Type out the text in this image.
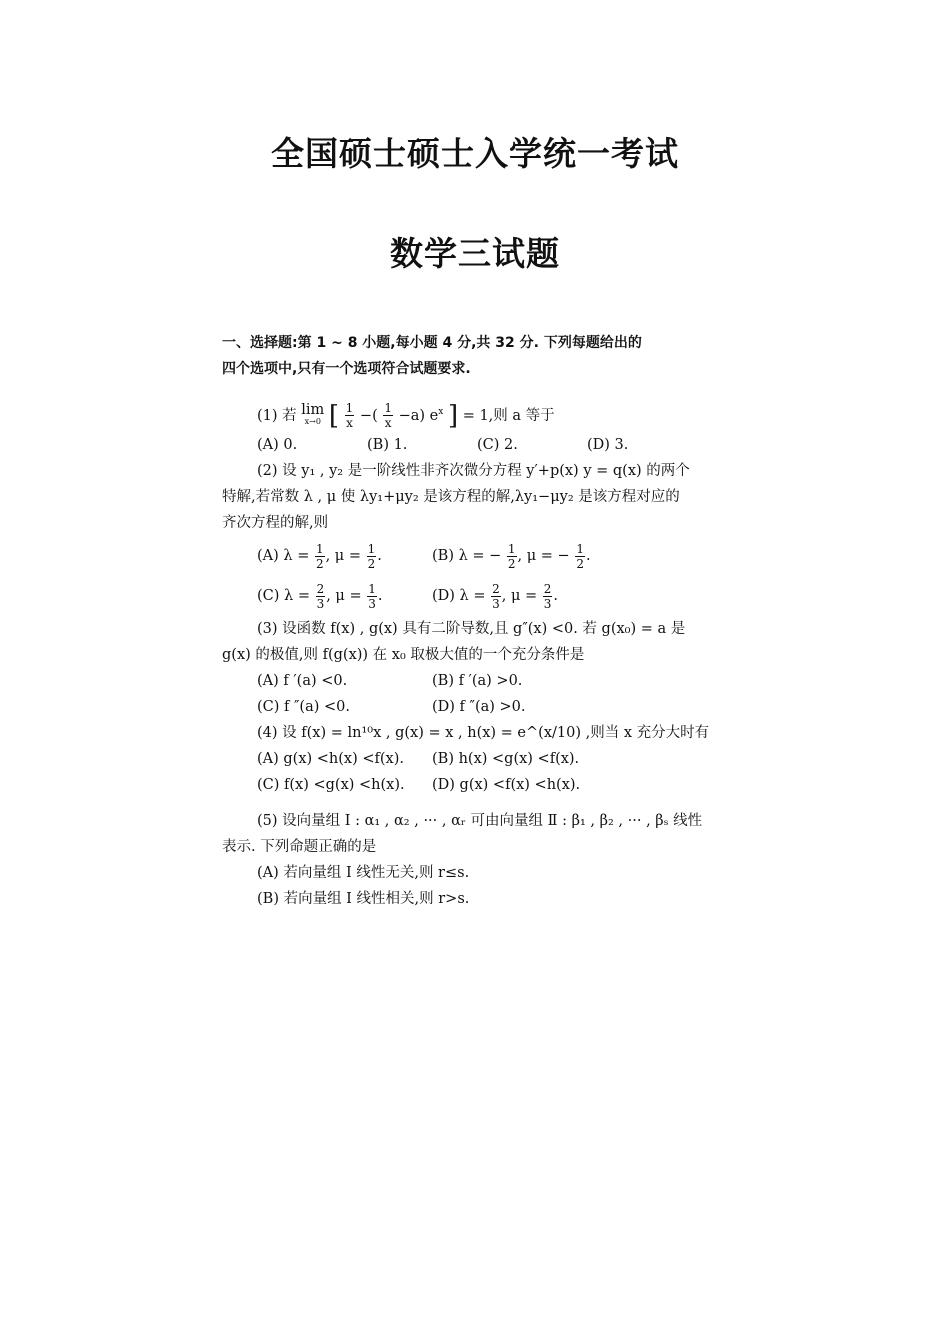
全国硕士硕士入学统一考试
数学三试题
一、选择题:第 1 ~ 8 小题,每小题 4 分,共 32 分. 下列每题给出的
四个选项中,只有一个选项符合试题要求.
(1) 若 lim
x→0 [ $\frac{1}{x}$ −( $\frac{1}{x} -a$) $e^x$ ] = 1,则 a 等于
(A) 0.	(B) 1.	(C) 2.	(D) 3.
(2) 设 y₁ , y₂ 是一阶线性非齐次微分方程 y′+p(x) y = q(x) 的两个
特解,若常数 λ , μ 使 λy₁+μy₂ 是该方程的解,λy₁−μy₂ 是该方程对应的
齐次方程的解,则
(A) $\lambda = \frac{1}{2}$ , $\mu = \frac{1}{2}$ .	(B) λ = − $\frac{1}{2}$ , μ = − $\frac{1}{2}$ .
(C) $\lambda = \frac{2}{3}$ , $\mu = \frac{1}{3}$ .	(D) $\lambda = \frac{2}{3}$ , $\mu = \frac{2}{3}$ .
(3) 设函数 f(x) , g(x) 具有二阶导数,且 g″(x) <0. 若 g(x₀) = a 是
g(x) 的极值,则 f(g(x)) 在 x₀ 取极大值的一个充分条件是
(A) f ′(a) <0.	(B) f ′(a) >0.
(C) f ″(a) <0.	(D) f ″(a) >0.
(4) 设 f(x) = ln¹⁰x , g(x) = x , h(x) = e^(x/10) ,则当 x 充分大时有
(A) g(x) <h(x) <f(x). (B) h(x) <g(x) <f(x).
(C) f(x) <g(x) <h(x). (D) g(x) <f(x) <h(x).
(5) 设向量组 Ⅰ : α₁ , α₂ , ··· , αᵣ 可由向量组 Ⅱ : β₁ , β₂ , ··· , βₛ 线性
表示. 下列命题正确的是
(A) 若向量组 Ⅰ 线性无关,则 r≤s.
(B) 若向量组 Ⅰ 线性相关,则 r>s.
